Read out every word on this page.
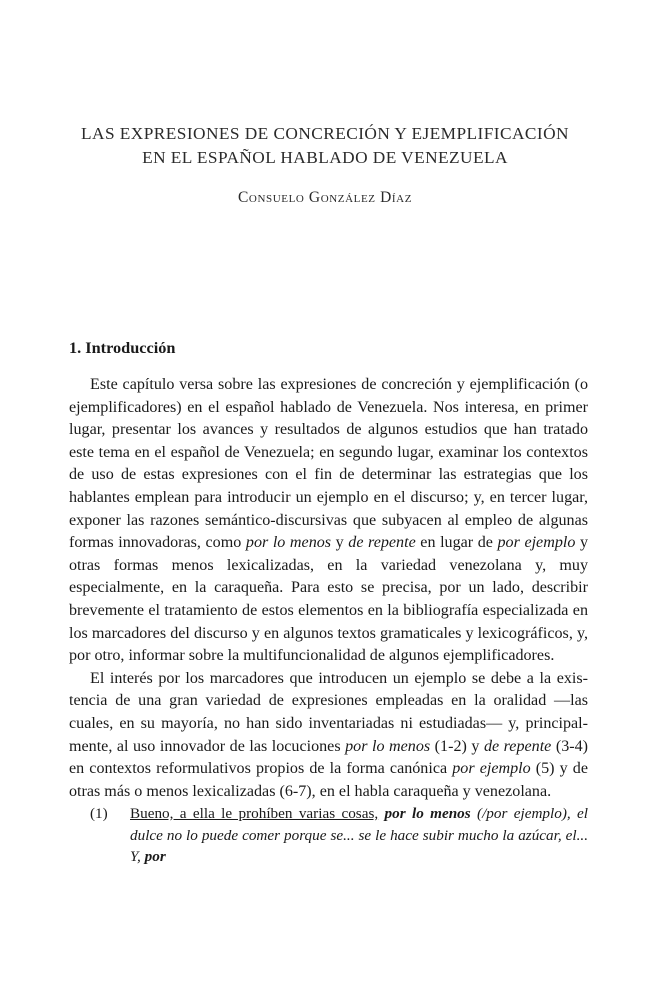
LAS EXPRESIONES DE CONCRECIÓN Y EJEMPLIFICACIÓN
EN EL ESPAÑOL HABLADO DE VENEZUELA
Consuelo González Díaz
1. Introducción

Este capítulo versa sobre las expresiones de concreción y ejemplificación (o ejemplificadores) en el español hablado de Venezuela. Nos interesa, en primer lugar, presentar los avances y resultados de algunos estudios que han tratado este tema en el español de Venezuela; en segundo lugar, examinar los contextos de uso de estas expresiones con el fin de determinar las estrategias que los hablantes emplean para introducir un ejemplo en el discurso; y, en tercer lugar, exponer las razones semántico-discursivas que subyacen al empleo de algunas formas innovadoras, como por lo menos y de repente en lugar de por ejemplo y otras formas menos lexicalizadas, en la variedad venezolana y, muy especialmente, en la caraqueña. Para esto se precisa, por un lado, describir brevemente el tratamiento de estos elementos en la bibliografía especializada en los marcadores del discurso y en algunos textos gramaticales y lexicográficos, y, por otro, informar sobre la multifuncionalidad de algunos ejemplificadores.

El interés por los marcadores que introducen un ejemplo se debe a la existencia de una gran variedad de expresiones empleadas en la oralidad —las cuales, en su mayoría, no han sido inventariadas ni estudiadas— y, principalmente, al uso innovador de las locuciones por lo menos (1-2) y de repente (3-4) en contextos reformulativos propios de la forma canónica por ejemplo (5) y de otras más o menos lexicalizadas (6-7), en el habla caraqueña y venezolana.

(1) Bueno, a ella le prohíben varias cosas, por lo menos (/por ejemplo), el dulce no lo puede comer porque se... se le hace subir mucho la azúcar, el... Y, por
